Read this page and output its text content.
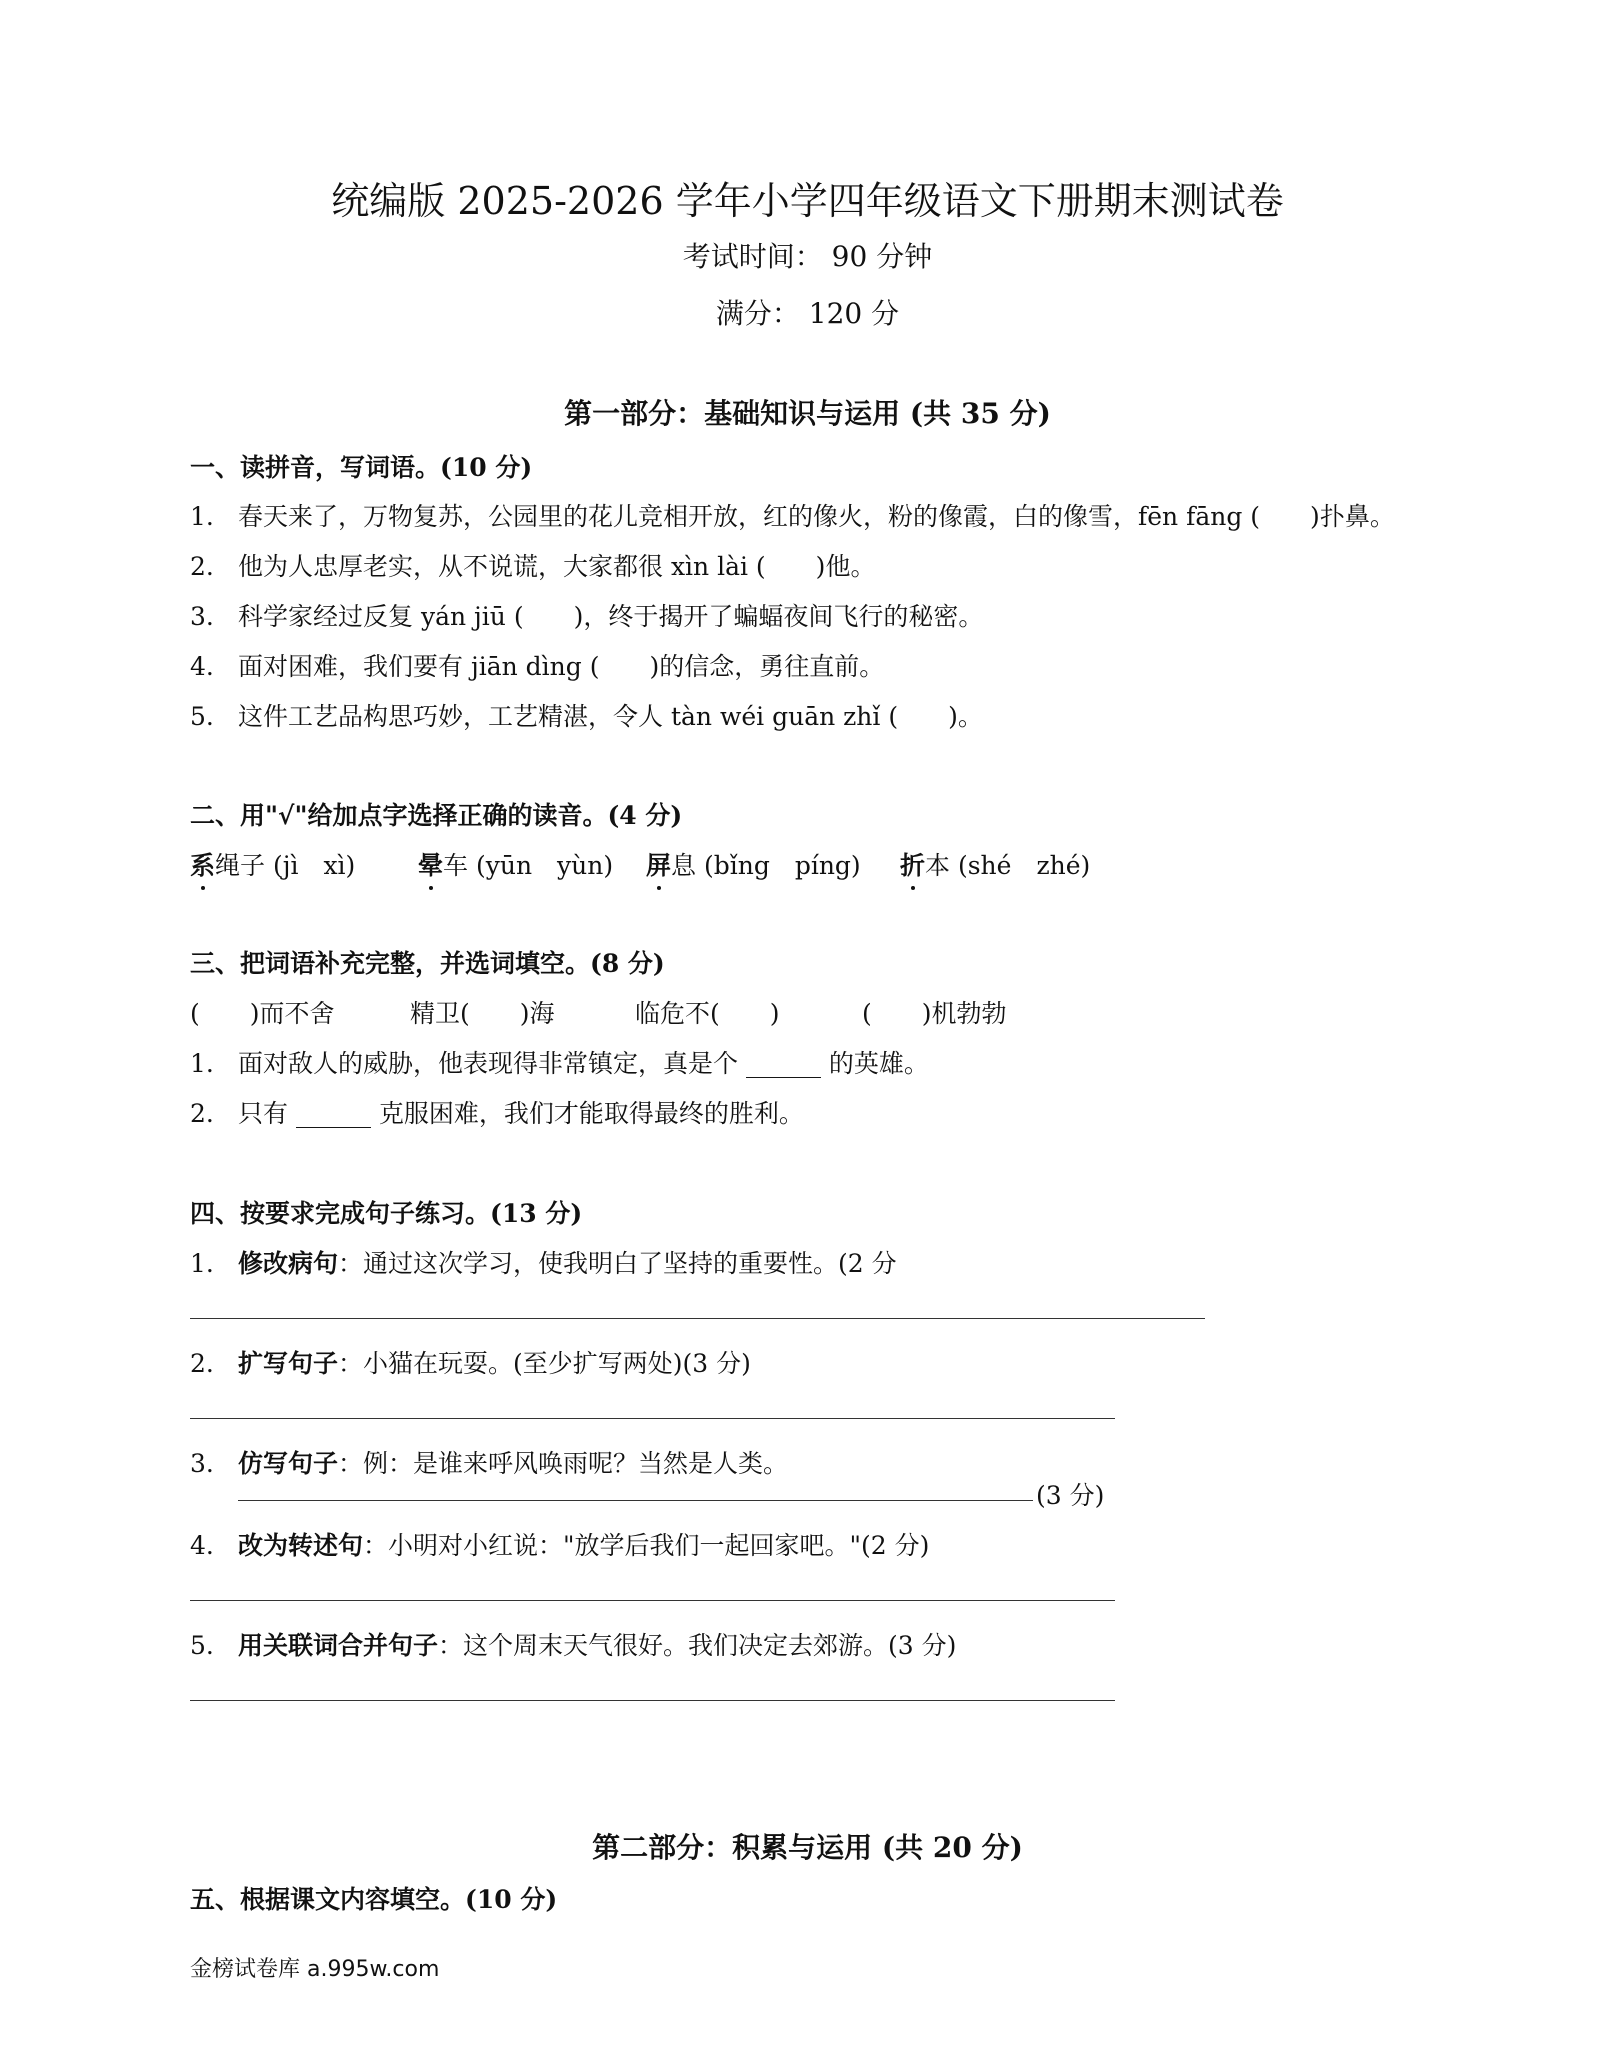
统编版 2025-2026 学年小学四年级语文下册期末测试卷
考试时间： 90 分钟
满分： 120 分
第一部分：基础知识与运用 (共 35 分)
一、读拼音，写词语。(10 分)
1. 春天来了，万物复苏，公园里的花儿竞相开放，红的像火，粉的像霞，白的像雪，fēn fāng (　　)扑鼻。
2. 他为人忠厚老实，从不说谎，大家都很 xìn lài (　　)他。
3. 科学家经过反复 yán jiū (　　)，终于揭开了蝙蝠夜间飞行的秘密。
4. 面对困难，我们要有 jiān dìng (　　)的信念，勇往直前。
5. 这件工艺品构思巧妙，工艺精湛，令人 tàn wéi guān zhǐ (　　)。
二、用"√"给加点字选择正确的读音。(4 分)
系绳子 (jì　xì)	晕车 (yūn　yùn) 屏息 (bǐng　píng) 折本 (shé　zhé)
三、把词语补充完整，并选词填空。(8 分)
(　　)而不舍	精卫(　　)海	临危不(　　)	(　　)机勃勃
1. 面对敌人的威胁，他表现得非常镇定，真是个 ______ 的英雄。
2. 只有 ______ 克服困难，我们才能取得最终的胜利。
四、按要求完成句子练习。(13 分)
1. 修改病句：通过这次学习，使我明白了坚持的重要性。(2 分
2. 扩写句子：小猫在玩耍。(至少扩写两处)(3 分)
3. 仿写句子：例：是谁来呼风唤雨呢？当然是人类。
(3 分)
4. 改为转述句：小明对小红说："放学后我们一起回家吧。"(2 分)
5. 用关联词合并句子：这个周末天气很好。我们决定去郊游。(3 分)
第二部分：积累与运用 (共 20 分)
五、根据课文内容填空。(10 分)
金榜试卷库 a.995w.com
